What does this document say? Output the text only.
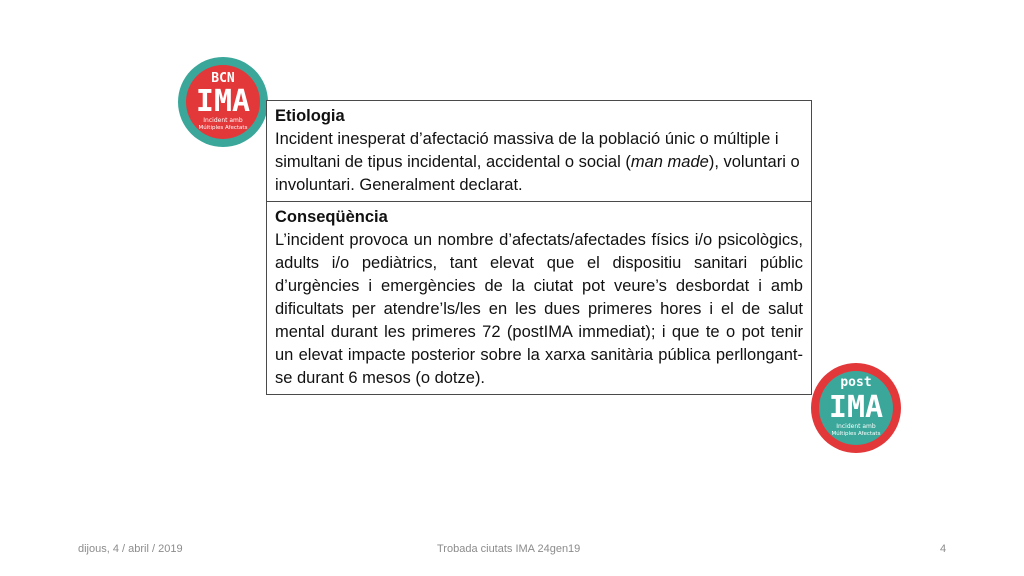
BCN
IMA
Incident amb
Múltiples Afectats
Etiologia
Incident inesperat d’afectació massiva de la població únic o múltiple i simultani de tipus incidental, accidental o social (man made), voluntari o involuntari. Generalment declarat.
Conseqüència
L’incident provoca un nombre d’afectats/afectades físics i/o psicològics, adults i/o pediàtrics, tant elevat que el dispositiu sanitari públic d’urgències i emergències de la ciutat pot veure’s desbordat i amb dificultats per atendre’ls/les en les dues primeres hores i el de salut mental durant les primeres 72 (postIMA immediat); i que te o pot tenir un elevat impacte posterior sobre la xarxa sanitària pública perllongant-se durant 6 mesos (o dotze).	post
IMA
Incident amb
Múltiples Afectats
dijous, 4 / abril / 2019	Trobada ciutats IMA 24gen19	4
